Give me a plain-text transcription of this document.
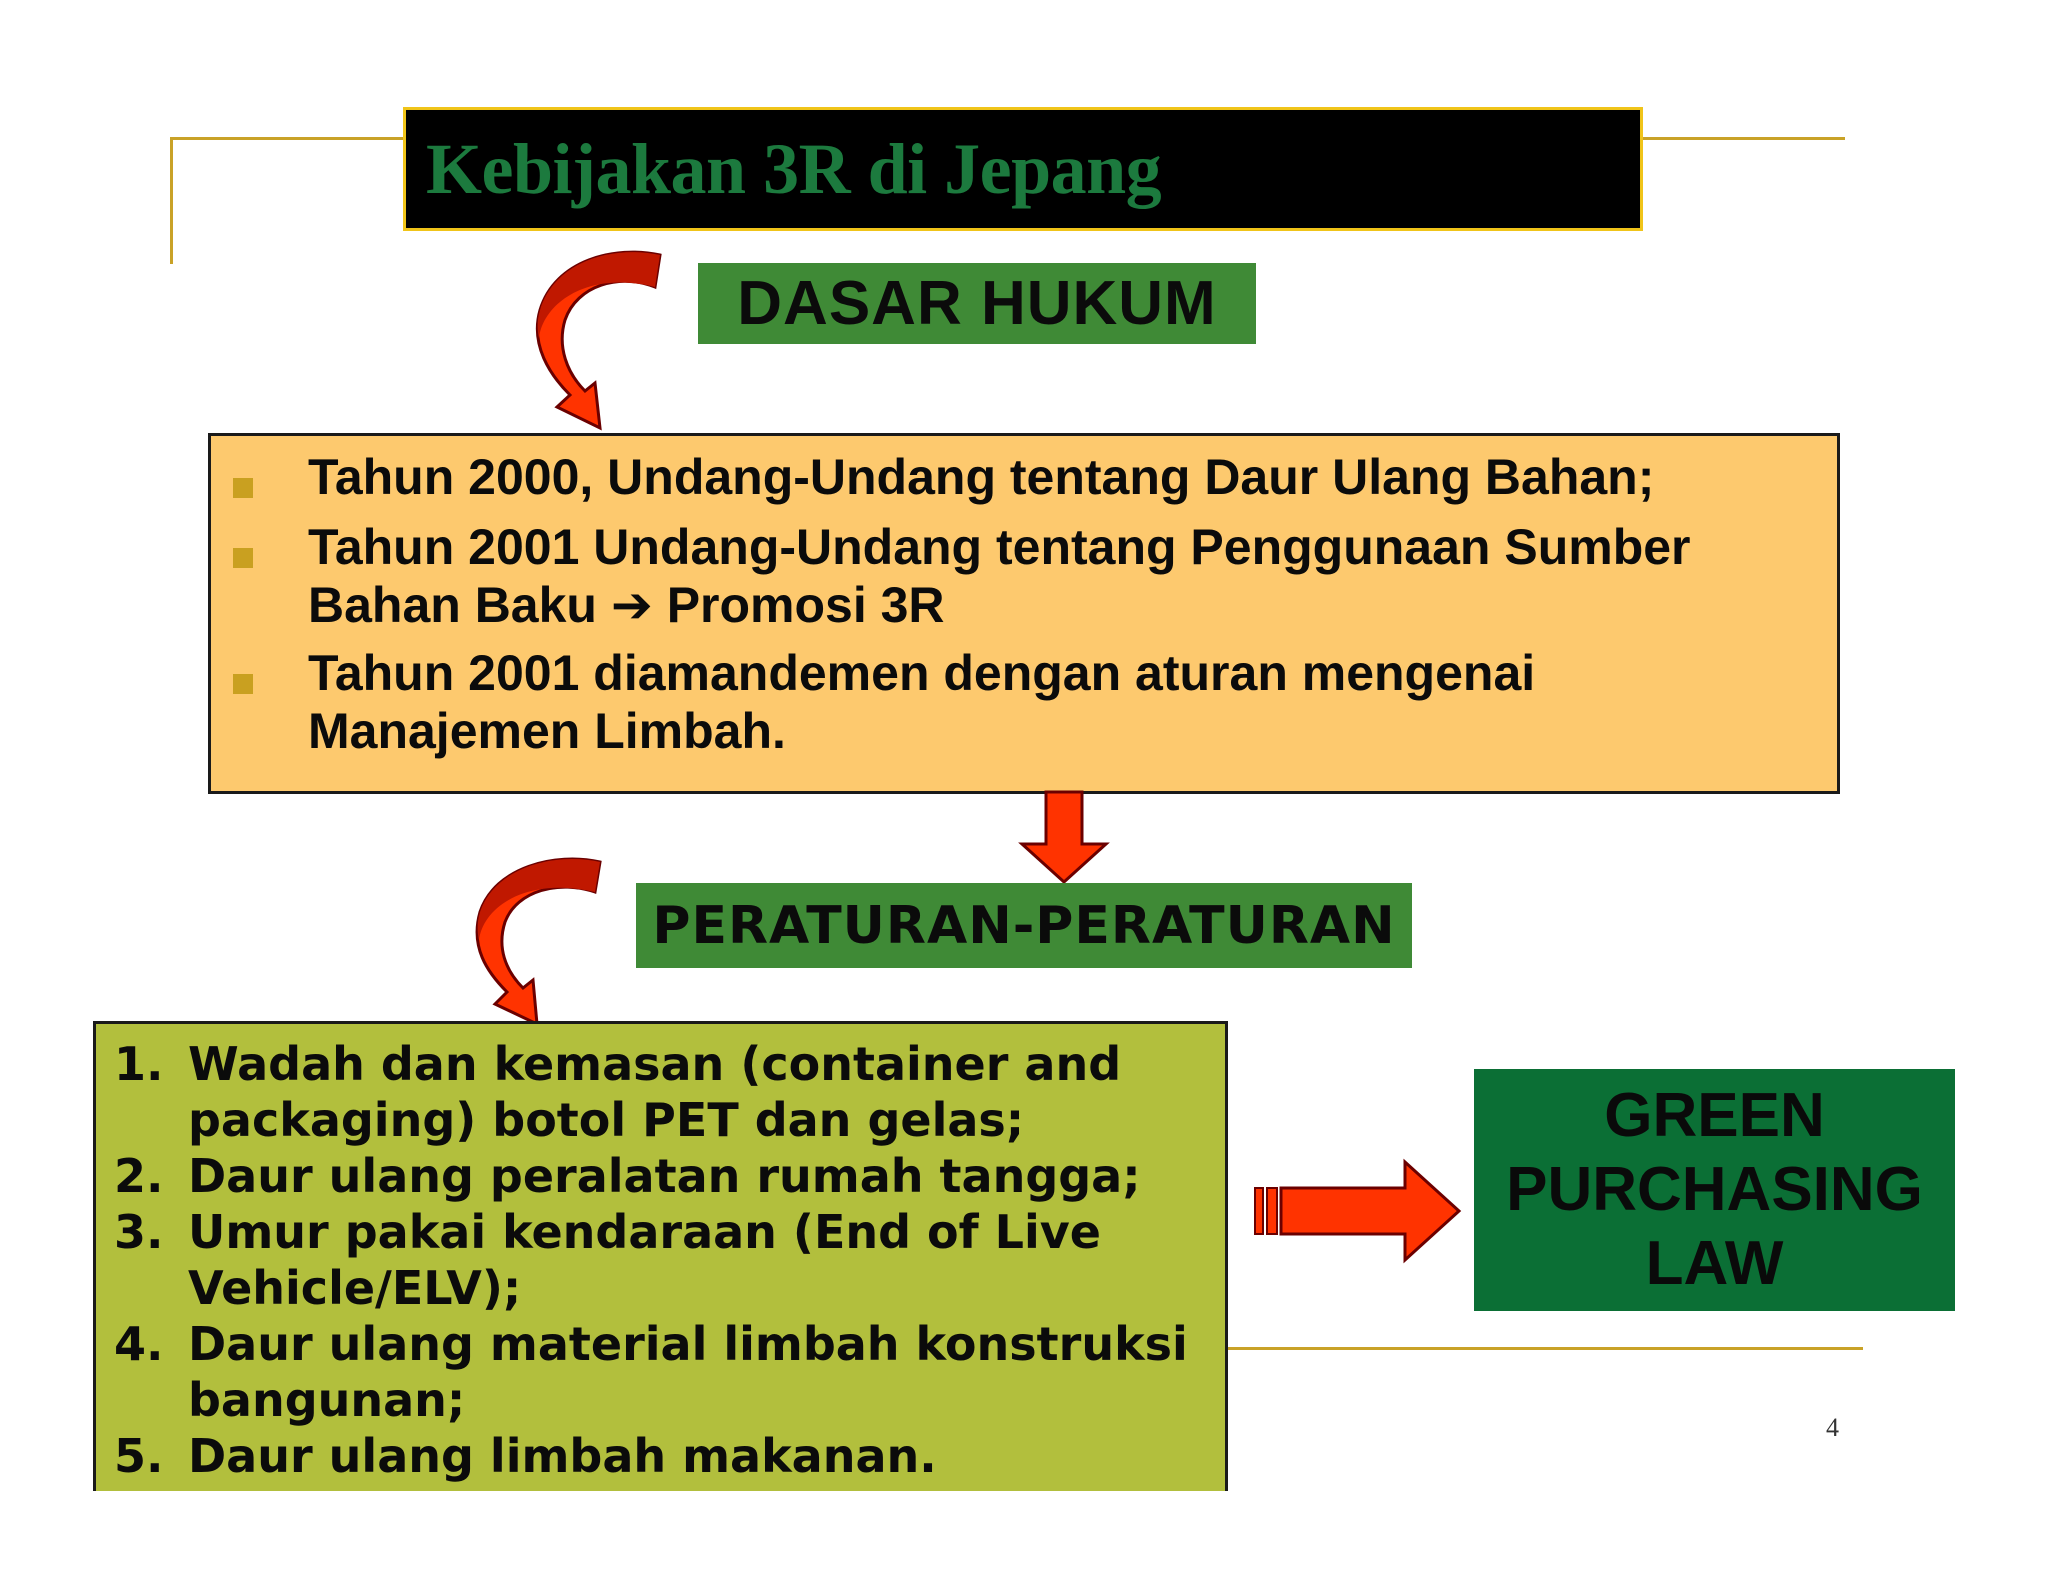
Kebijakan 3R di Jepang
DASAR HUKUM
Tahun 2000, Undang-Undang tentang Daur Ulang Bahan;
Tahun 2001 Undang-Undang tentang Penggunaan Sumber
Bahan Baku ➔ Promosi 3R
Tahun 2001 diamandemen dengan aturan mengenai
Manajemen Limbah.
PERATURAN-PERATURAN
1. Wadah dan kemasan (container and
packaging) botol PET dan gelas;
2. Daur ulang peralatan rumah tangga;
3. Umur pakai kendaraan (End of Live
Vehicle/ELV);
4. Daur ulang material limbah konstruksi
bangunan;
5. Daur ulang limbah makanan.
GREEN
PURCHASING
LAW
4
